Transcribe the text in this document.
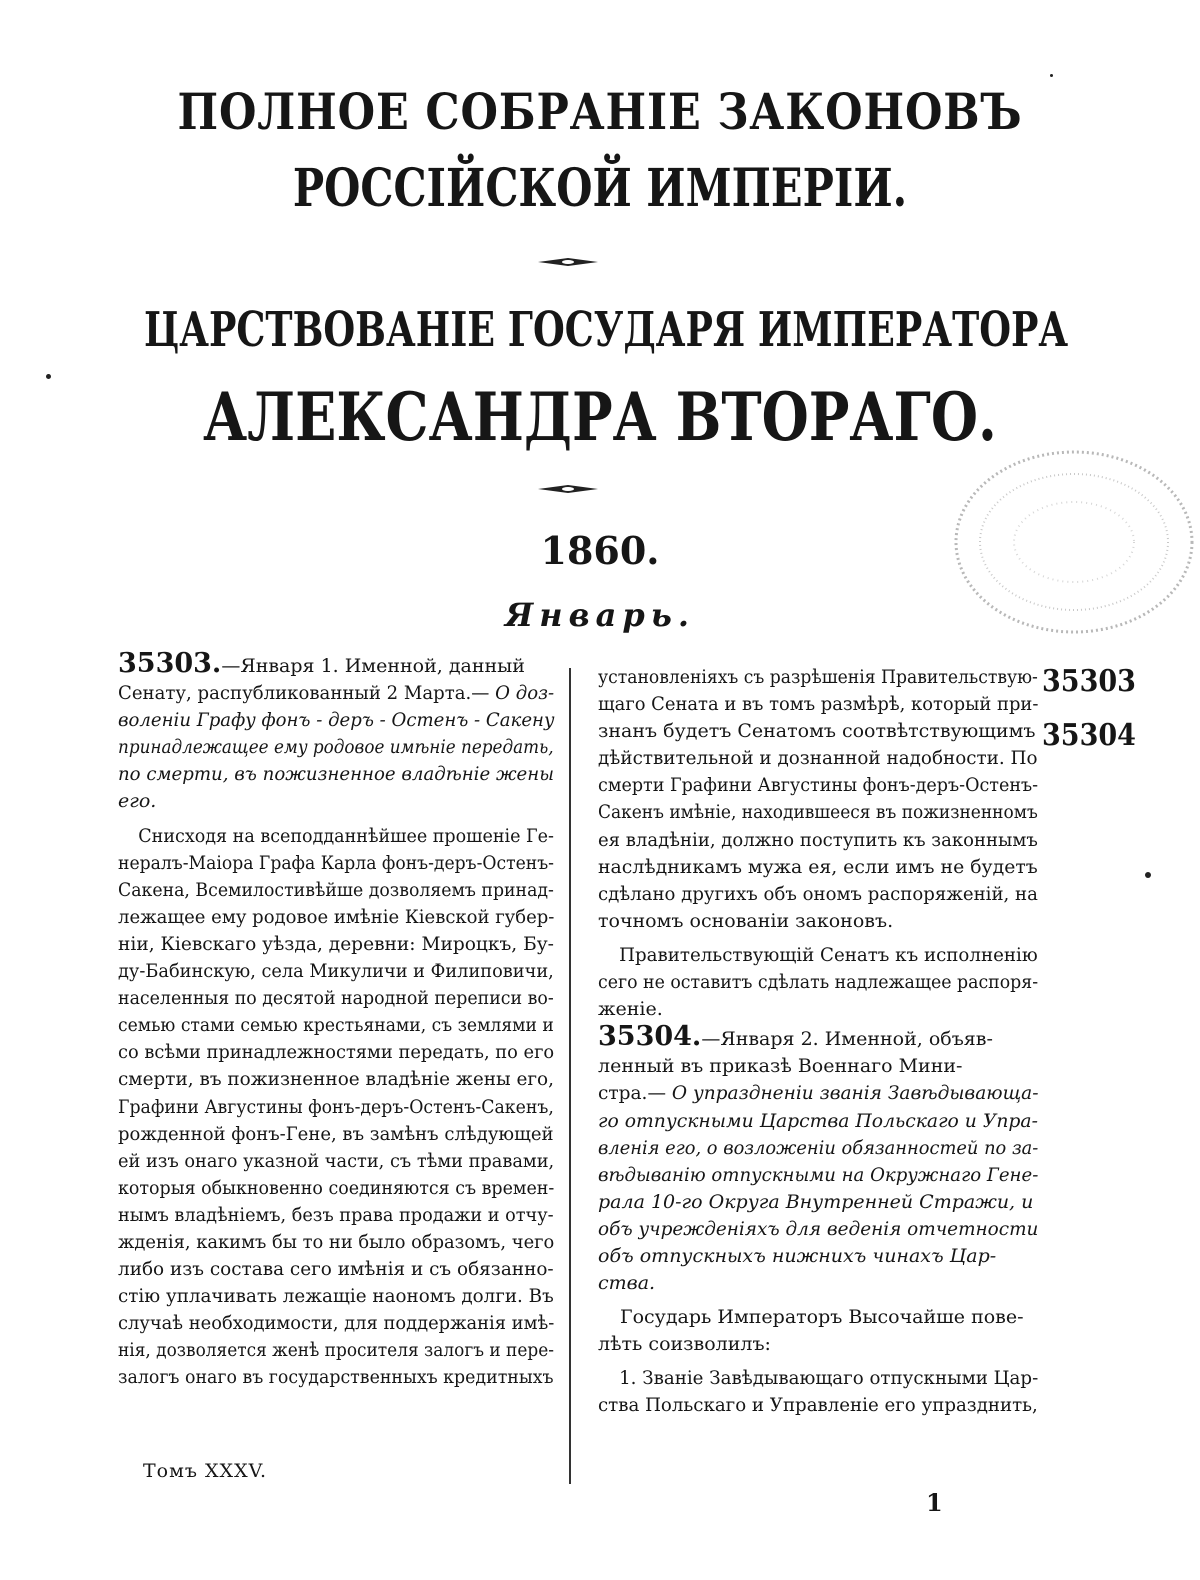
ПОЛНОЕ СОБРАНІЕ ЗАКОНОВЪ
РОССІЙСКОЙ ИМПЕРІИ.
ЦАРСТВОВАНІЕ ГОСУДАРЯ ИМПЕРАТОРА
АЛЕКСАНДРА ВТОРАГО.
1860.
Январь.
35303.—Января 1. Именной, данный
Сенату, распубликованный 2 Марта.— О доз-
воленіи Графу фонъ - деръ - Остенъ - Сакену
принадлежащее ему родовое имѣніе передать,
по смерти, въ пожизненное владѣніе жены
его.
Снисходя на всеподданнѣйшее прошеніе Ге-
нералъ-Маіора Графа Карла фонъ-деръ-Остенъ-
Сакена, Всемилостивѣйше дозволяемъ принад-
лежащее ему родовое имѣніе Кіевской губер-
ніи, Кіевскаго уѣзда, деревни: Мироцкъ, Бу-
ду-Бабинскую, села Микуличи и Филиповичи,
населенныя по десятой народной переписи во-
семью стами семью крестьянами, съ землями и
со всѣми принадлежностями передать, по его
смерти, въ пожизненное владѣніе жены его,
Графини Августины фонъ-деръ-Остенъ-Сакенъ,
рожденной фонъ-Гене, въ замѣнъ слѣдующей
ей изъ онаго указной части, съ тѣми правами,
которыя обыкновенно соединяются съ времен-
нымъ владѣніемъ, безъ права продажи и отчу-
жденія, какимъ бы то ни было образомъ, чего
либо изъ состава сего имѣнія и съ обязанно-
стію уплачивать лежащіе наономъ долги. Въ
случаѣ необходимости, для поддержанія имѣ-
нія, дозволяется женѣ просителя залогъ и пере-
залогъ онаго въ государственныхъ кредитныхъ
Томъ XXXV.
установленіяхъ съ разрѣшенія Правительствую-
щаго Сената и въ томъ размѣрѣ, который при-
знанъ будетъ Сенатомъ соотвѣтствующимъ
дѣйствительной и дознанной надобности. По
смерти Графини Августины фонъ-деръ-Остенъ-
Сакенъ имѣніе, находившееся въ пожизненномъ
ея владѣніи, должно поступить къ законнымъ
наслѣдникамъ мужа ея, если имъ не будетъ
сдѣлано другихъ объ ономъ распоряженій, на
точномъ основаніи законовъ.
Правительствующій Сенатъ къ исполненію
сего не оставитъ сдѣлать надлежащее распоря-
женіе.
35304.—Января 2. Именной, объяв-
ленный въ приказѣ Военнаго Мини-
стра.— О упраздненіи званія Завѣдывающа-
го отпускными Царства Польскаго и Упра-
вленія его, о возложеніи обязанностей по за-
вѣдыванію отпускными на Окружнаго Гене-
рала 10-го Округа Внутренней Стражи, и
объ учрежденіяхъ для веденія отчетности
объ отпускныхъ нижнихъ чинахъ Цар-
ства.
Государь Императоръ Высочайше пове-
лѣть соизволилъ:
1. Званіе Завѣдывающаго отпускными Цар-
ства Польскаго и Управленіе его упразднить,
35303
35304
1
